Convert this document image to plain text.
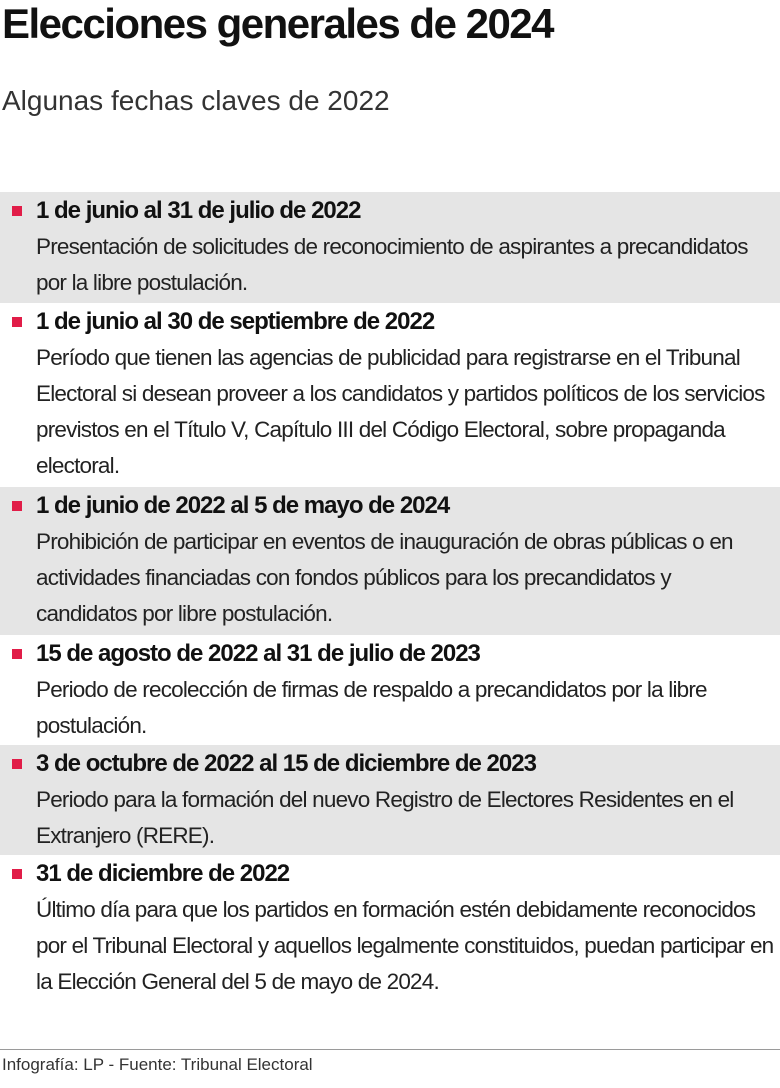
Elecciones generales de 2024

Algunas fechas claves de 2022

1 de junio al 31 de julio de 2022
Presentación de solicitudes de reconocimiento de aspirantes a precandidatos por la libre postulación.
1 de junio al 30 de septiembre de 2022
Período que tienen las agencias de publicidad para registrarse en el Tribunal Electoral si desean proveer a los candidatos y partidos políticos de los servicios previstos en el Título V, Capítulo III del Código Electoral, sobre propaganda electoral.
1 de junio de 2022 al 5 de mayo de 2024
Prohibición de participar en eventos de inauguración de obras públicas o en actividades financiadas con fondos públicos para los precandidatos y candidatos por libre postulación.
15 de agosto de 2022 al 31 de julio de 2023
Periodo de recolección de firmas de respaldo a precandidatos por la libre postulación.
3 de octubre de 2022 al 15 de diciembre de 2023
Periodo para la formación del nuevo Registro de Electores Residentes en el Extranjero (RERE).
31 de diciembre de 2022
Último día para que los partidos en formación estén debidamente reconocidos por el Tribunal Electoral y aquellos legalmente constituidos, puedan participar en la Elección General del 5 de mayo de 2024.
Infografía: LP - Fuente: Tribunal Electoral
